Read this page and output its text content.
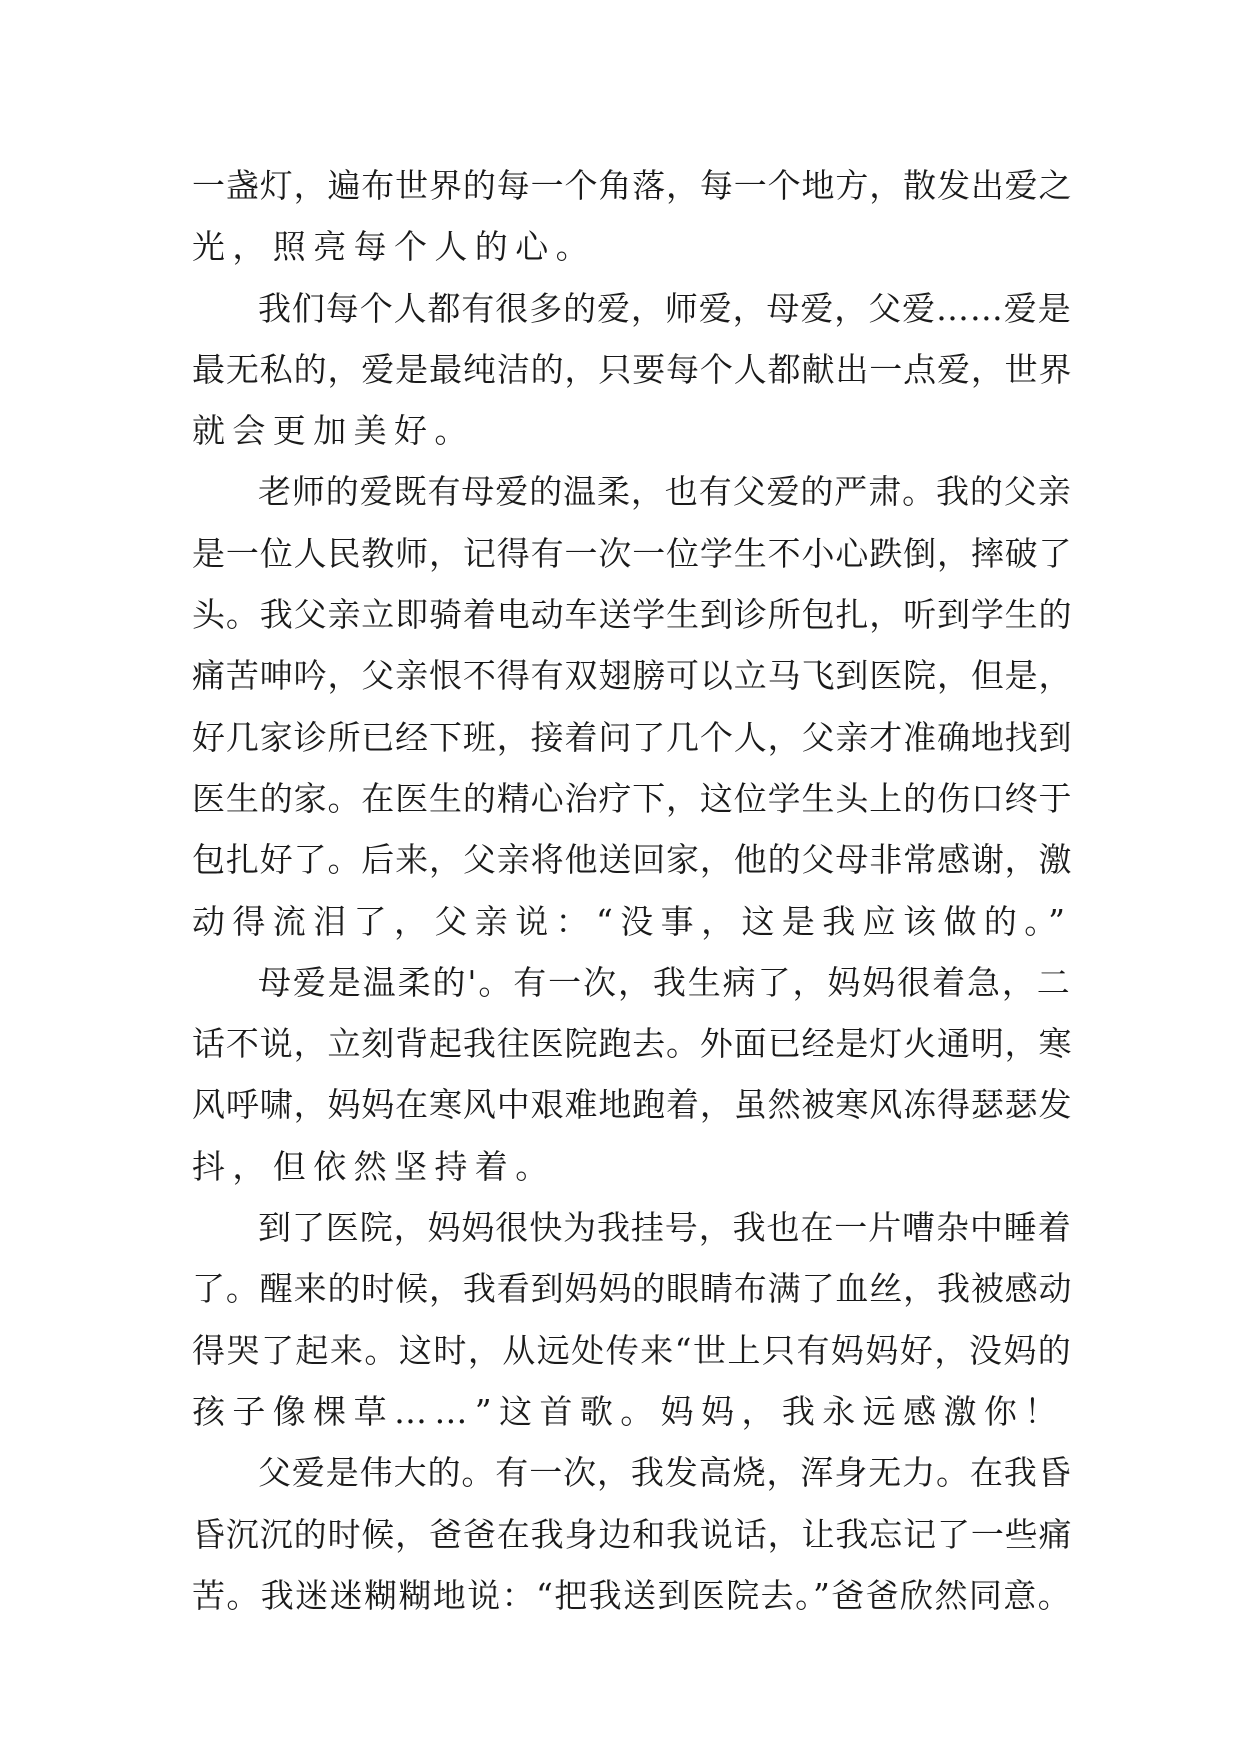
一盏灯，遍布世界的每一个角落，每一个地方，散发出爱之
光，照亮每个人的心。
我们每个人都有很多的爱，师爱，母爱，父爱……爱是
最无私的，爱是最纯洁的，只要每个人都献出一点爱，世界
就会更加美好。
老师的爱既有母爱的温柔，也有父爱的严肃。我的父亲
是一位人民教师，记得有一次一位学生不小心跌倒，摔破了
头。我父亲立即骑着电动车送学生到诊所包扎，听到学生的
痛苦呻吟，父亲恨不得有双翅膀可以立马飞到医院，但是，
好几家诊所已经下班，接着问了几个人，父亲才准确地找到
医生的家。在医生的精心治疗下，这位学生头上的伤口终于
包扎好了。后来，父亲将他送回家，他的父母非常感谢，激
动得流泪了，父亲说：“没事，这是我应该做的。”
母爱是温柔的'。有一次，我生病了，妈妈很着急，二
话不说，立刻背起我往医院跑去。外面已经是灯火通明，寒
风呼啸，妈妈在寒风中艰难地跑着，虽然被寒风冻得瑟瑟发
抖，但依然坚持着。
到了医院，妈妈很快为我挂号，我也在一片嘈杂中睡着
了。醒来的时候，我看到妈妈的眼睛布满了血丝，我被感动
得哭了起来。这时，从远处传来“世上只有妈妈好，没妈的
孩子像棵草……”这首歌。妈妈，我永远感激你！
父爱是伟大的。有一次，我发高烧，浑身无力。在我昏
昏沉沉的时候，爸爸在我身边和我说话，让我忘记了一些痛
苦。我迷迷糊糊地说：“把我送到医院去。”爸爸欣然同意。
